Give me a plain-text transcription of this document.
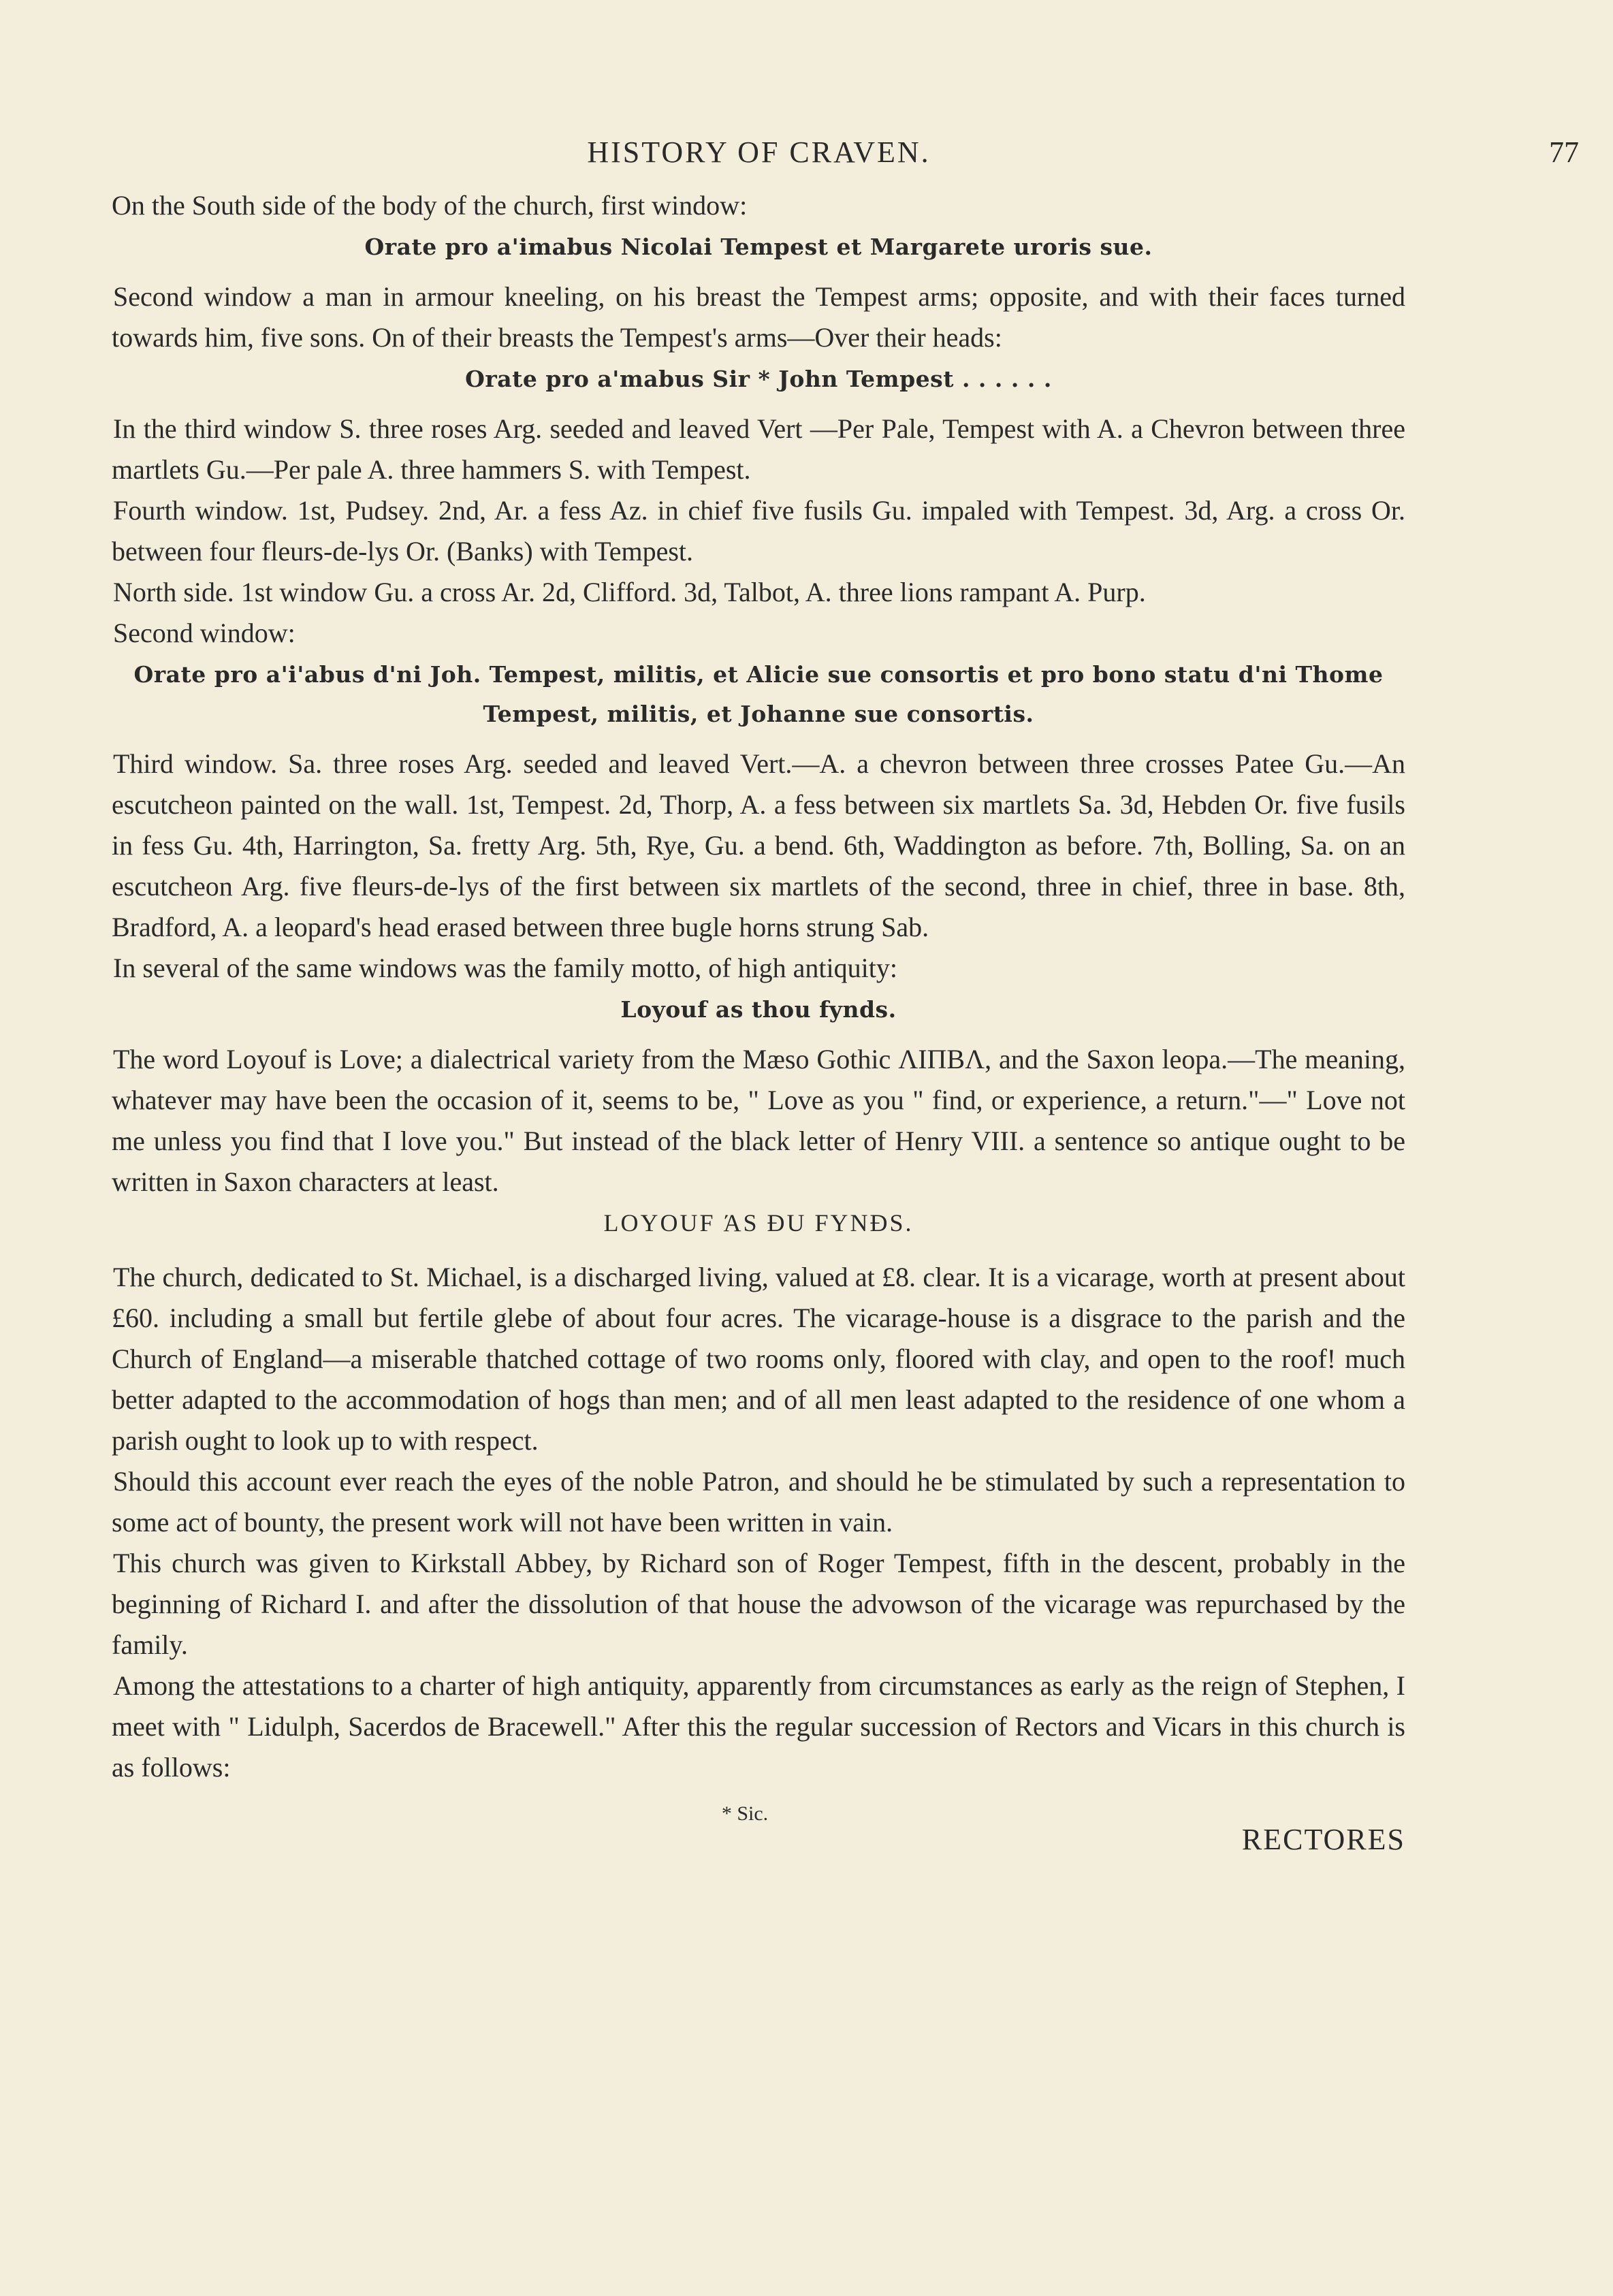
HISTORY OF CRAVEN.	77

On the South side of the body of the church, first window:

Orate pro a'imabus Nicolai Tempest et Margarete uroris sue.

Second window a man in armour kneeling, on his breast the Tempest arms; opposite, and with their faces turned towards him, five sons. On of their breasts the Tempest's arms—Over their heads:

Orate pro a'mabus Sir * John Tempest . . . . . .

In the third window S. three roses Arg. seeded and leaved Vert —Per Pale, Tempest with A. a Chevron between three martlets Gu.—Per pale A. three hammers S. with Tempest.

Fourth window. 1st, Pudsey. 2nd, Ar. a fess Az. in chief five fusils Gu. impaled with Tempest. 3d, Arg. a cross Or. between four fleurs-de-lys Or. (Banks) with Tempest.

North side. 1st window Gu. a cross Ar. 2d, Clifford. 3d, Talbot, A. three lions rampant A. Purp.

Second window:

Orate pro a'i'abus d'ni Joh. Tempest, militis, et Alicie sue consortis et pro bono statu d'ni Thome Tempest, militis, et Johanne sue consortis.

Third window. Sa. three roses Arg. seeded and leaved Vert.—A. a chevron between three crosses Patee Gu.—An escutcheon painted on the wall. 1st, Tempest. 2d, Thorp, A. a fess between six martlets Sa. 3d, Hebden Or. five fusils in fess Gu. 4th, Harrington, Sa. fretty Arg. 5th, Rye, Gu. a bend. 6th, Waddington as before. 7th, Bolling, Sa. on an escutcheon Arg. five fleurs-de-lys of the first between six martlets of the second, three in chief, three in base. 8th, Bradford, A. a leopard's head erased between three bugle horns strung Sab.

In several of the same windows was the family motto, of high antiquity:

Loyouf as thou fynds.

The word Loyouf is Love; a dialectrical variety from the Mæso Gothic ΛΙΠΒΛ, and the Saxon leopa.—The meaning, whatever may have been the occasion of it, seems to be, " Love as you " find, or experience, a return."—" Love not me unless you find that I love you." But instead of the black letter of Henry VIII. a sentence so antique ought to be written in Saxon characters at least.

LOYOUF ΆS ÐU FYNÐS.

The church, dedicated to St. Michael, is a discharged living, valued at £8. clear. It is a vicarage, worth at present about £60. including a small but fertile glebe of about four acres. The vicarage-house is a disgrace to the parish and the Church of England—a miserable thatched cottage of two rooms only, floored with clay, and open to the roof! much better adapted to the accommodation of hogs than men; and of all men least adapted to the residence of one whom a parish ought to look up to with respect.

Should this account ever reach the eyes of the noble Patron, and should he be stimulated by such a representation to some act of bounty, the present work will not have been written in vain.

This church was given to Kirkstall Abbey, by Richard son of Roger Tempest, fifth in the descent, probably in the beginning of Richard I. and after the dissolution of that house the advowson of the vicarage was repurchased by the family.

Among the attestations to a charter of high antiquity, apparently from circumstances as early as the reign of Stephen, I meet with " Lidulph, Sacerdos de Bracewell." After this the regular succession of Rectors and Vicars in this church is as follows:

* Sic.
RECTORES
